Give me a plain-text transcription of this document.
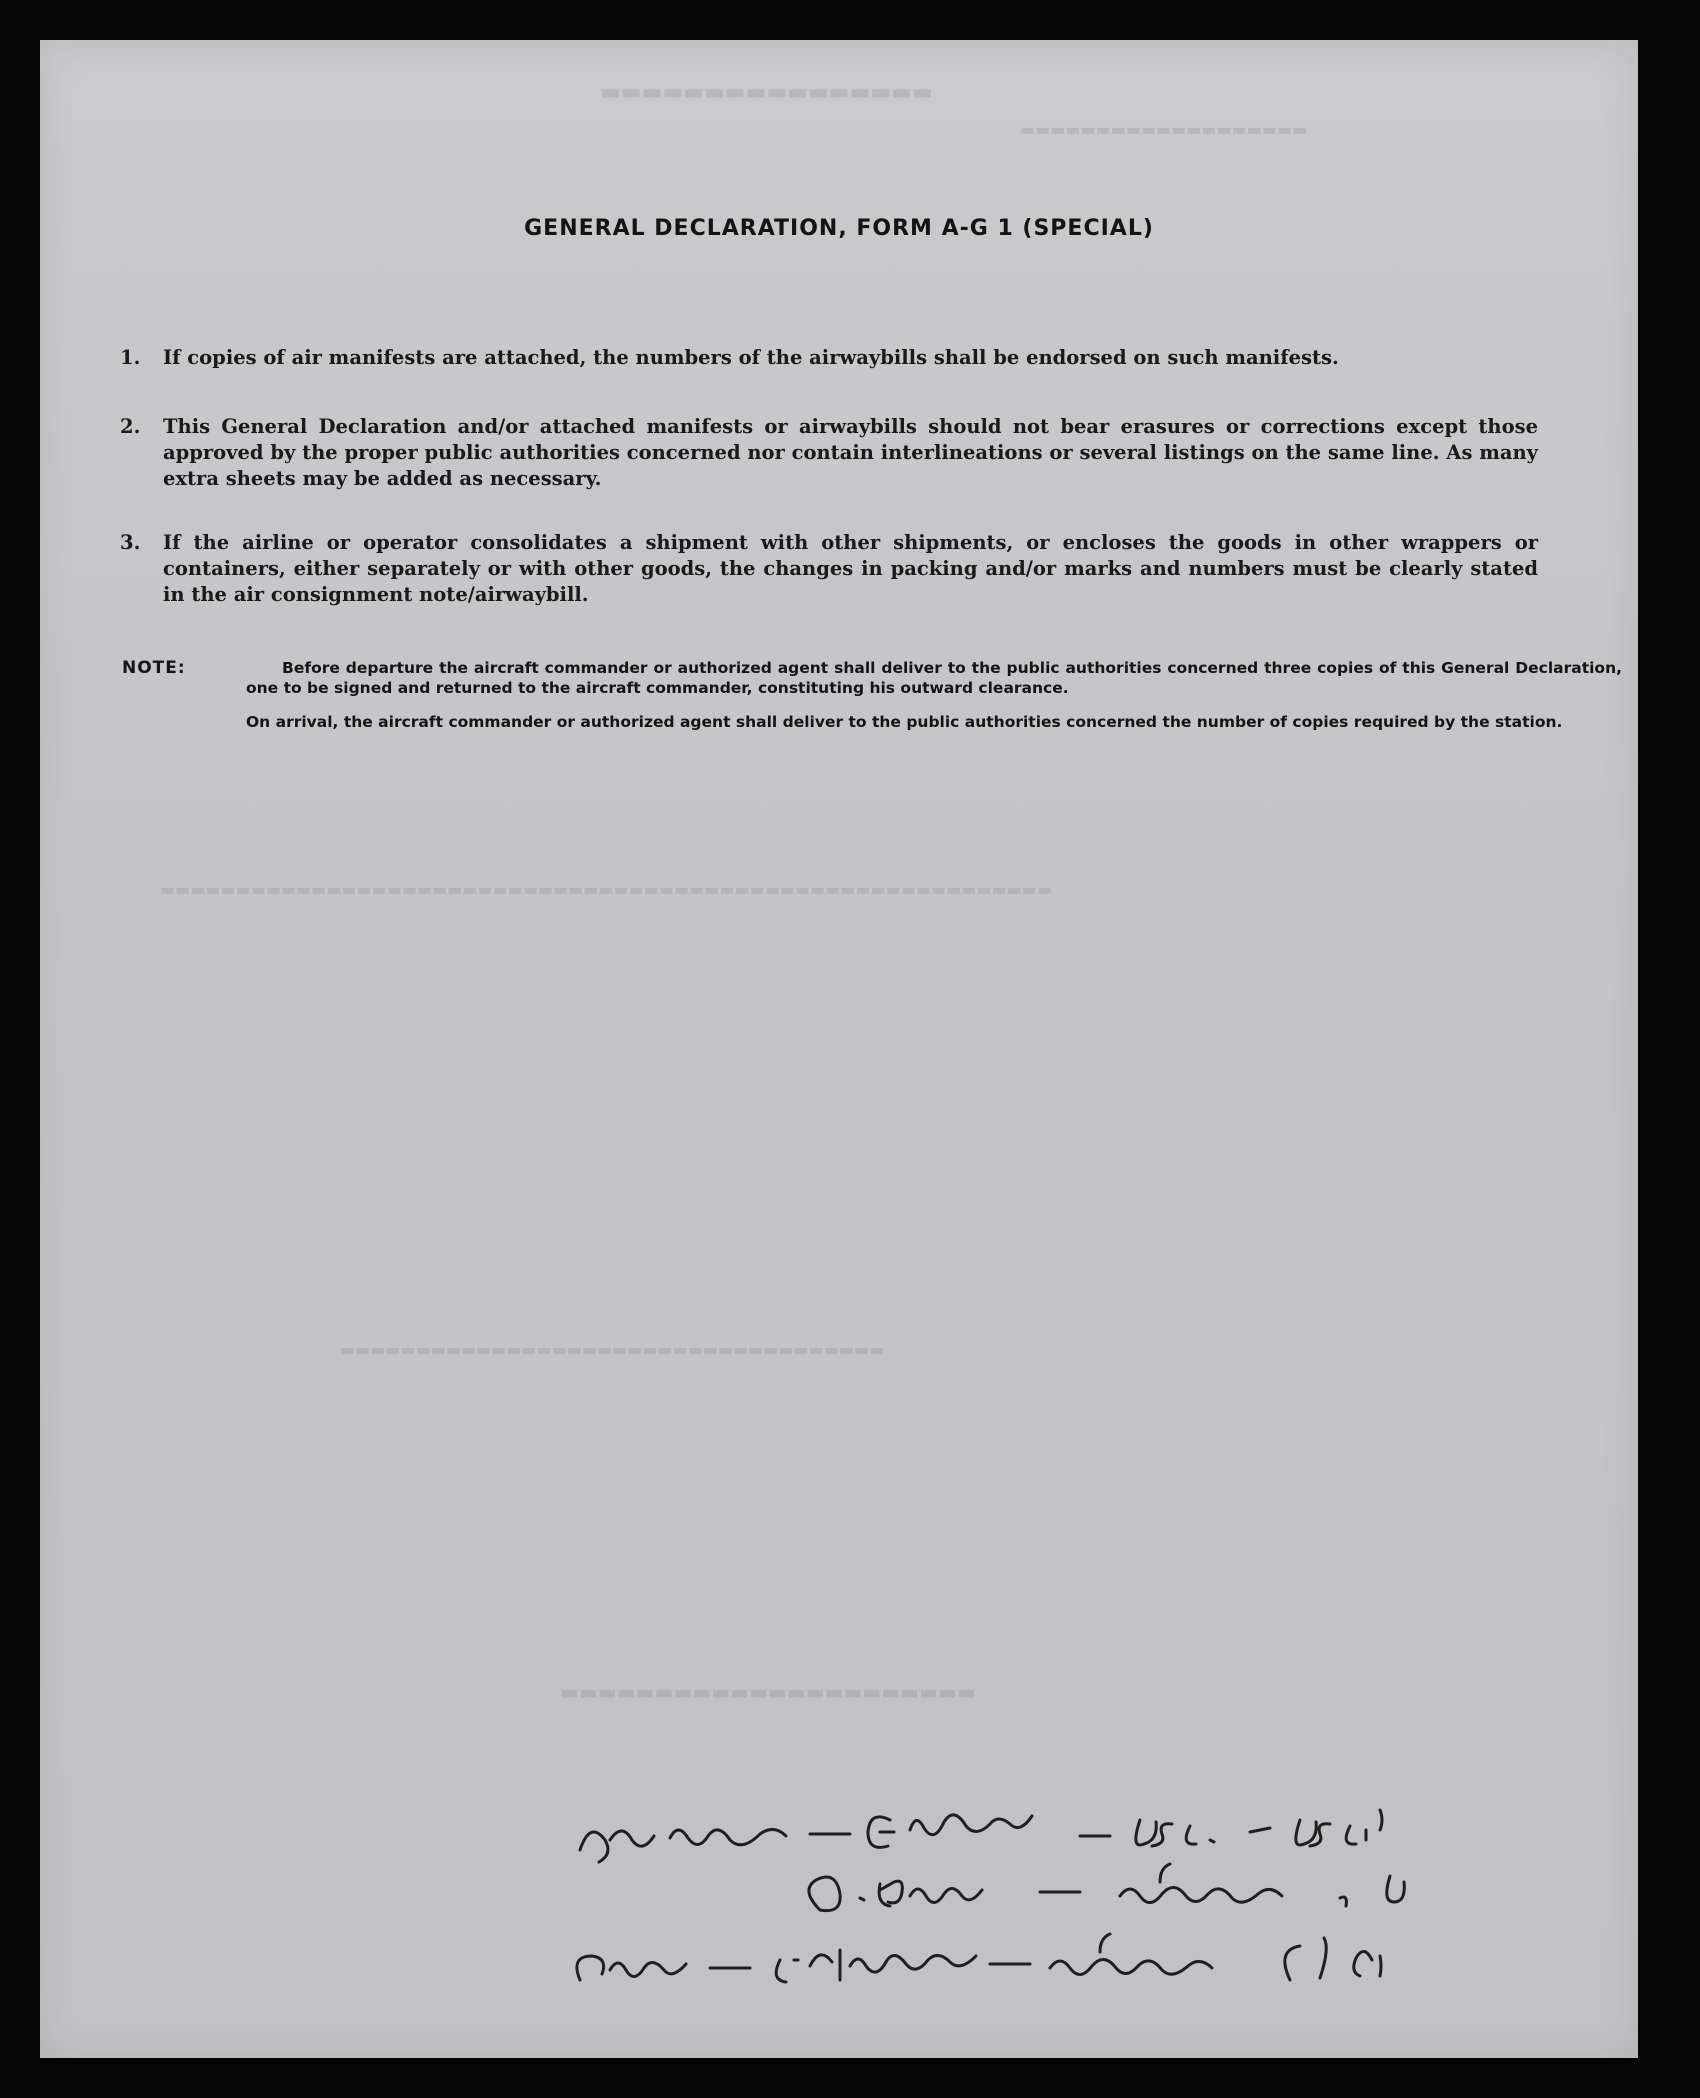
▬▬▬▬▬▬▬▬▬▬▬▬▬▬▬▬
▬▬▬▬▬▬▬▬▬▬▬▬▬▬▬▬▬▬▬
▬▬▬▬▬▬▬▬▬▬▬▬▬▬▬▬▬▬▬▬▬▬▬▬▬▬▬▬▬▬▬▬▬▬▬▬▬▬▬▬▬▬▬▬▬▬▬▬▬▬▬▬▬▬▬▬▬▬▬
▬▬▬▬▬▬▬▬▬▬▬▬▬▬▬▬▬▬▬▬▬▬▬▬▬▬▬▬▬▬▬▬▬▬▬▬
▬▬▬▬▬▬▬▬▬▬▬▬▬▬▬▬▬▬▬▬▬▬
GENERAL DECLARATION, FORM A-G 1 (SPECIAL)
1.	If copies of air manifests are attached, the numbers of the airwaybills shall be endorsed on such manifests.
2.	This General Declaration and/or attached manifests or airwaybills should not bear erasures or corrections except those approved by the proper public authorities concerned nor contain interlineations or several listings on the same line. As many extra sheets may be added as necessary.
3.	If the airline or operator consolidates a shipment with other shipments, or encloses the goods in other wrappers or containers, either separately or with other goods, the changes in packing and/or marks and numbers must be clearly stated in the air consignment note/airwaybill.
NOTE:	Before departure the aircraft commander or authorized agent shall deliver to the public authorities concerned three copies of this General Declaration, one to be signed and returned to the aircraft commander, constituting his outward clearance.
On arrival, the aircraft commander or authorized agent shall deliver to the public authorities concerned the number of copies required by the station.
